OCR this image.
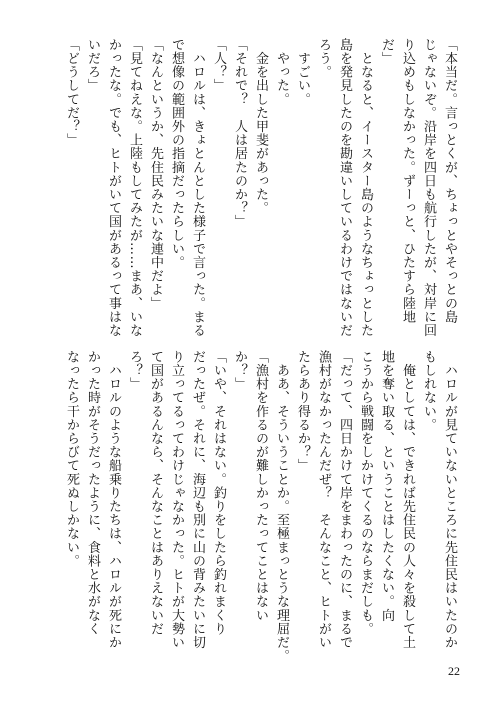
「本当だ。言っとくが、ちょっとやそっとの島
じゃないぞ。沿岸を四日も航行したが、対岸に回
り込めもしなかった。ずーっと、ひたすら陸地
だ」
　となると、イースター島のようなちょっとした
島を発見したのを勘違いしているわけではないだ
ろう。
　すごい。
　やった。
　金を出した甲斐があった。
「それで？　人は居たのか？」
「人？」
　ハロルは、きょとんとした様子で言った。まる
で想像の範囲外の指摘だったらしい。
「なんというか、先住民みたいな連中だよ」
「見てねえな。上陸もしてみたが……まあ、いな
かったな。でも、ヒトがいて国があるって事はな
いだろ」
「どうしてだ？」
　ハロルが見ていないところに先住民はいたのか
もしれない。
　俺としては、できれば先住民の人々を殺して土
地を奪い取る、ということはしたくない。向
こうから戦闘をしかけてくるのならまだしも。
「だって、四日かけて岸をまわったのに、まるで
漁村がなかったんだぜ？　そんなこと、ヒトがい
たらあり得るか？」
　ああ、そういうことか。至極まっとうな理屈だ。
「漁村を作るのが難しかったってことはない
か？」
「いや、それはない。釣りをしたら釣れまくり
だったぜ。それに、海辺も別に山の背みたいに切
り立ってるってわけじゃなかった。ヒトが大勢い
て国があるんなら、そんなことはありえないだ
ろ？」
　ハロルのような船乗りたちは、ハロルが死にか
かった時がそうだったように、食料と水がなく
なったら干からびて死ぬしかない。
22
